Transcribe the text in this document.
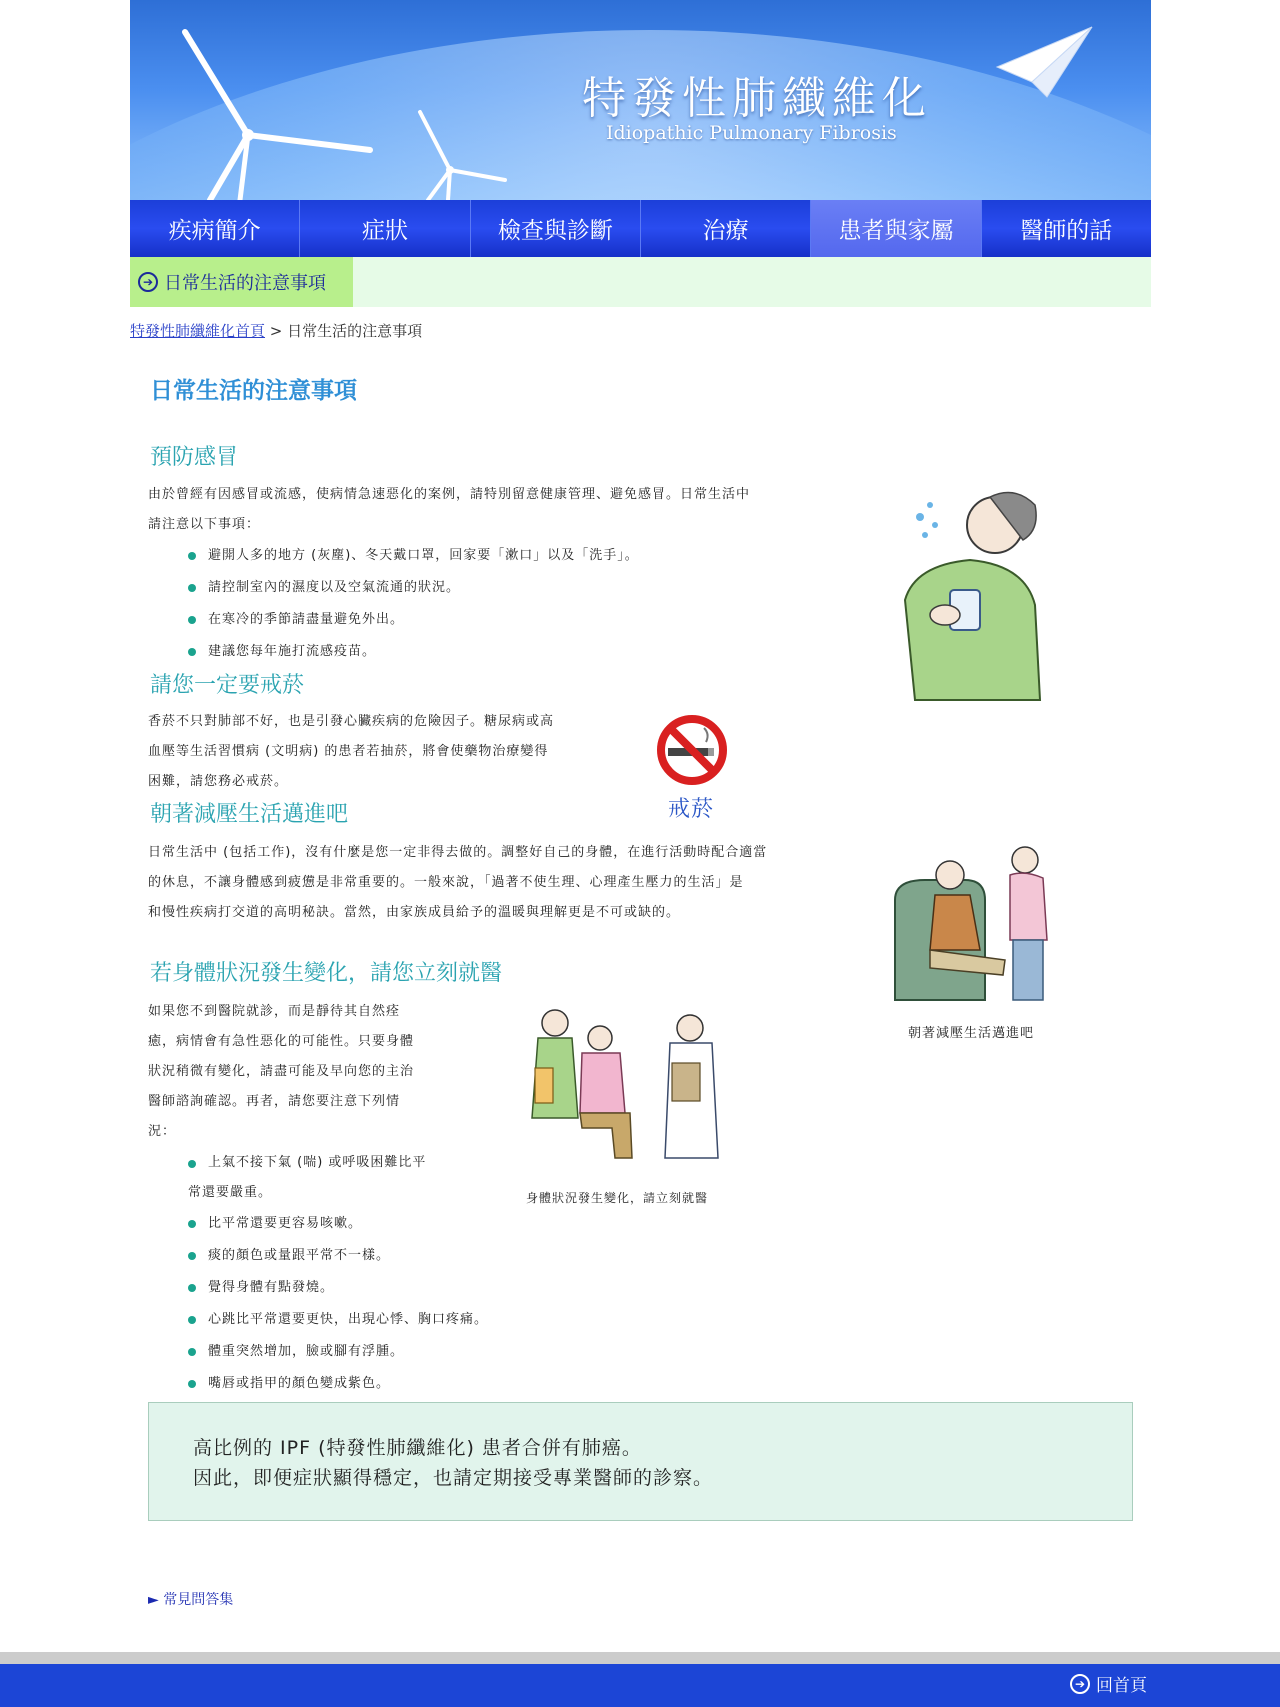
特發性肺纖維化
Idiopathic Pulmonary Fibrosis
疾病簡介	症狀	檢查與診斷	治療	患者與家屬	醫師的話
➔ 日常生活的注意事項
特發性肺纖維化首頁 > 日常生活的注意事項
日常生活的注意事項
預防感冒
由於曾經有因感冒或流感，使病情急速惡化的案例，請特別留意健康管理、避免感冒。日常生活中
請注意以下事項：
避開人多的地方 (灰塵)、冬天戴口罩，回家要「漱口」以及「洗手」。
請控制室內的濕度以及空氣流通的狀況。
在寒冷的季節請盡量避免外出。
建議您每年施打流感疫苗。
請您一定要戒菸
香菸不只對肺部不好，也是引發心臟疾病的危險因子。糖尿病或高
血壓等生活習慣病 (文明病) 的患者若抽菸，將會使藥物治療變得
困難，請您務必戒菸。
戒菸
朝著減壓生活邁進吧
日常生活中 (包括工作)，沒有什麼是您一定非得去做的。調整好自己的身體，在進行活動時配合適當
的休息，不讓身體感到疲憊是非常重要的。一般來說，「過著不使生理、心理產生壓力的生活」是
和慢性疾病打交道的高明秘訣。當然，由家族成員給予的溫暖與理解更是不可或缺的。
朝著減壓生活邁進吧
若身體狀況發生變化，請您立刻就醫
如果您不到醫院就診，而是靜待其自然痊
癒，病情會有急性惡化的可能性。只要身體
狀況稍微有變化，請盡可能及早向您的主治
醫師諮詢確認。再者，請您要注意下列情
況：
身體狀況發生變化，請立刻就醫
上氣不接下氣 (喘) 或呼吸困難比平
常還要嚴重。
比平常還要更容易咳嗽。
痰的顏色或量跟平常不一樣。
覺得身體有點發燒。
心跳比平常還要更快，出現心悸、胸口疼痛。
體重突然增加，臉或腳有浮腫。
嘴唇或指甲的顏色變成紫色。
高比例的 IPF (特發性肺纖維化) 患者合併有肺癌。
因此，即便症狀顯得穩定，也請定期接受專業醫師的診察。
► 常見問答集
➔ 回首頁
